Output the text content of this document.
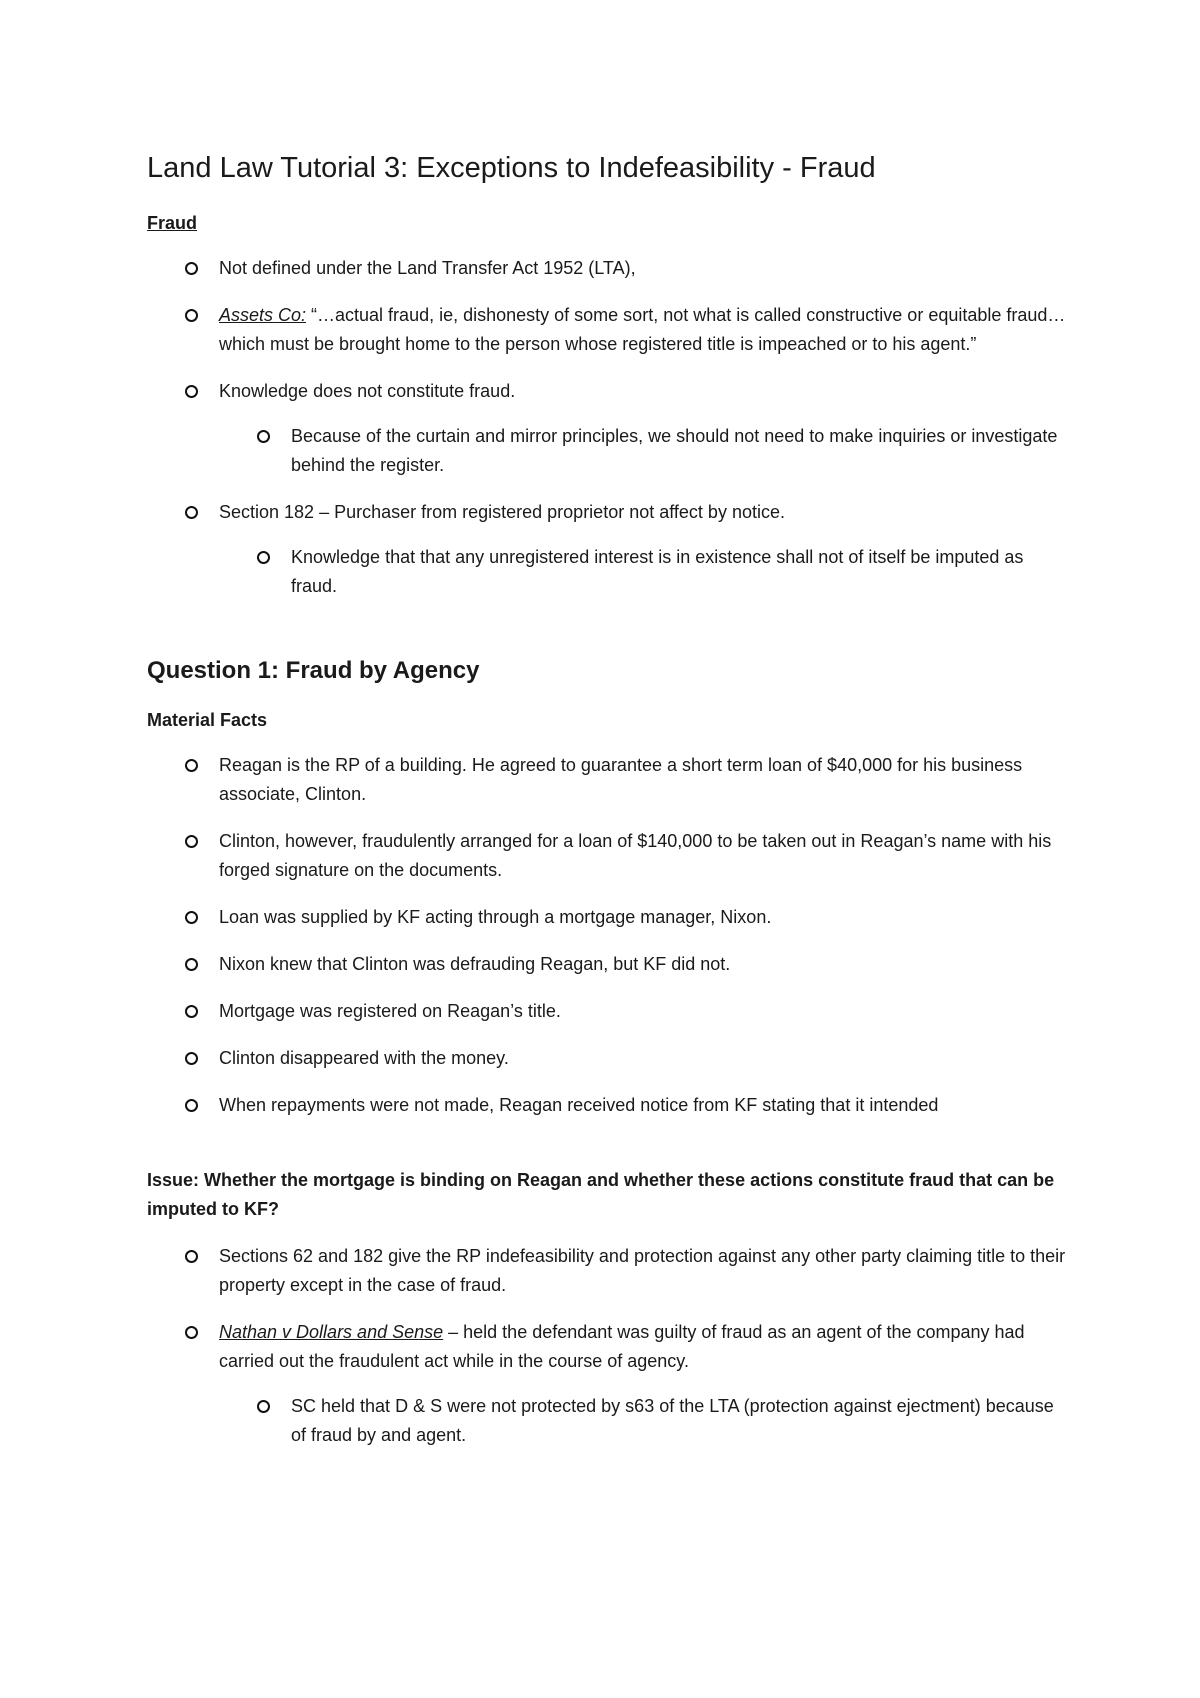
Land Law Tutorial 3: Exceptions to Indefeasibility - Fraud
Fraud
Not defined under the Land Transfer Act 1952 (LTA),
Assets Co: “…actual fraud, ie, dishonesty of some sort, not what is called constructive or equitable fraud… which must be brought home to the person whose registered title is impeached or to his agent.”
Knowledge does not constitute fraud.
Because of the curtain and mirror principles, we should not need to make inquiries or investigate behind the register.
Section 182 – Purchaser from registered proprietor not affect by notice.
Knowledge that that any unregistered interest is in existence shall not of itself be imputed as fraud.
Question 1: Fraud by Agency
Material Facts
Reagan is the RP of a building. He agreed to guarantee a short term loan of $40,000 for his business associate, Clinton.
Clinton, however, fraudulently arranged for a loan of $140,000 to be taken out in Reagan’s name with his forged signature on the documents.
Loan was supplied by KF acting through a mortgage manager, Nixon.
Nixon knew that Clinton was defrauding Reagan, but KF did not.
Mortgage was registered on Reagan’s title.
Clinton disappeared with the money.
When repayments were not made, Reagan received notice from KF stating that it intended
Issue: Whether the mortgage is binding on Reagan and whether these actions constitute fraud that can be imputed to KF?
Sections 62 and 182 give the RP indefeasibility and protection against any other party claiming title to their property except in the case of fraud.
Nathan v Dollars and Sense – held the defendant was guilty of fraud as an agent of the company had carried out the fraudulent act while in the course of agency.
SC held that D & S were not protected by s63 of the LTA (protection against ejectment) because of fraud by and agent.
